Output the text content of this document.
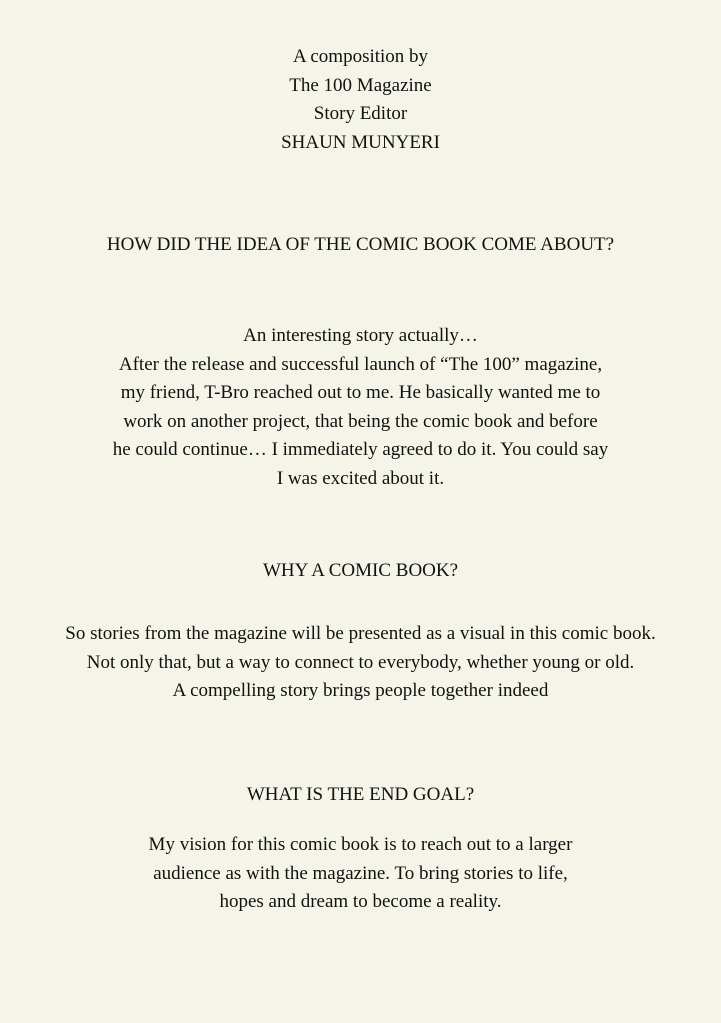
A composition by
The 100 Magazine
Story Editor
SHAUN MUNYERI
HOW DID THE IDEA OF THE COMIC BOOK COME ABOUT?
An interesting story actually…
After the release and successful launch of “The 100” magazine,
my friend, T-Bro reached out to me. He basically wanted me to
work on another project, that being the comic book and before
he could continue… I immediately agreed to do it. You could say
I was excited about it.
WHY A COMIC BOOK?
So stories from the magazine will be presented as a visual in this comic book.
Not only that, but a way to connect to everybody, whether young or old.
A compelling story brings people together indeed
WHAT IS THE END GOAL?
My vision for this comic book is to reach out to a larger
audience as with the magazine. To bring stories to life,
hopes and dream to become a reality.
